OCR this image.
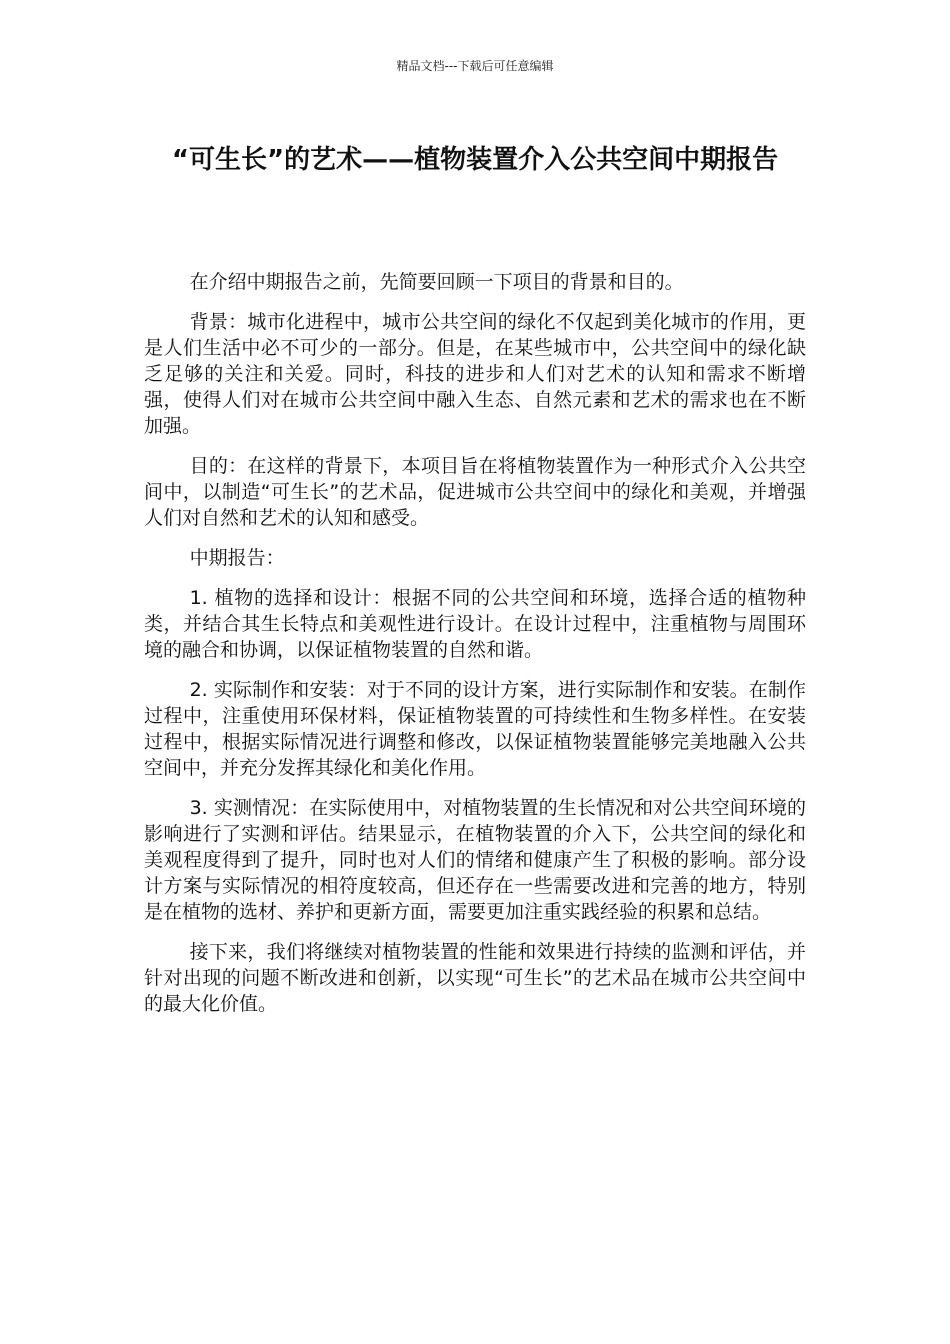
精品文档---下载后可任意编辑
“可生长”的艺术——植物装置介入公共空间中期报告

在介绍中期报告之前，先简要回顾一下项目的背景和目的。

背景：城市化进程中，城市公共空间的绿化不仅起到美化城市的作用，更是人们生活中必不可少的一部分。但是，在某些城市中，公共空间中的绿化缺乏足够的关注和关爱。同时，科技的进步和人们对艺术的认知和需求不断增强，使得人们对在城市公共空间中融入生态、自然元素和艺术的需求也在不断加强。

目的：在这样的背景下，本项目旨在将植物装置作为一种形式介入公共空间中，以制造“可生长”的艺术品，促进城市公共空间中的绿化和美观，并增强人们对自然和艺术的认知和感受。

中期报告：

1. 植物的选择和设计：根据不同的公共空间和环境，选择合适的植物种类，并结合其生长特点和美观性进行设计。在设计过程中，注重植物与周围环境的融合和协调，以保证植物装置的自然和谐。

2. 实际制作和安装：对于不同的设计方案，进行实际制作和安装。在制作过程中，注重使用环保材料，保证植物装置的可持续性和生物多样性。在安装过程中，根据实际情况进行调整和修改，以保证植物装置能够完美地融入公共空间中，并充分发挥其绿化和美化作用。

3. 实测情况：在实际使用中，对植物装置的生长情况和对公共空间环境的影响进行了实测和评估。结果显示，在植物装置的介入下，公共空间的绿化和美观程度得到了提升，同时也对人们的情绪和健康产生了积极的影响。部分设计方案与实际情况的相符度较高，但还存在一些需要改进和完善的地方，特别是在植物的选材、养护和更新方面，需要更加注重实践经验的积累和总结。

接下来，我们将继续对植物装置的性能和效果进行持续的监测和评估，并针对出现的问题不断改进和创新，以实现“可生长”的艺术品在城市公共空间中的最大化价值。
